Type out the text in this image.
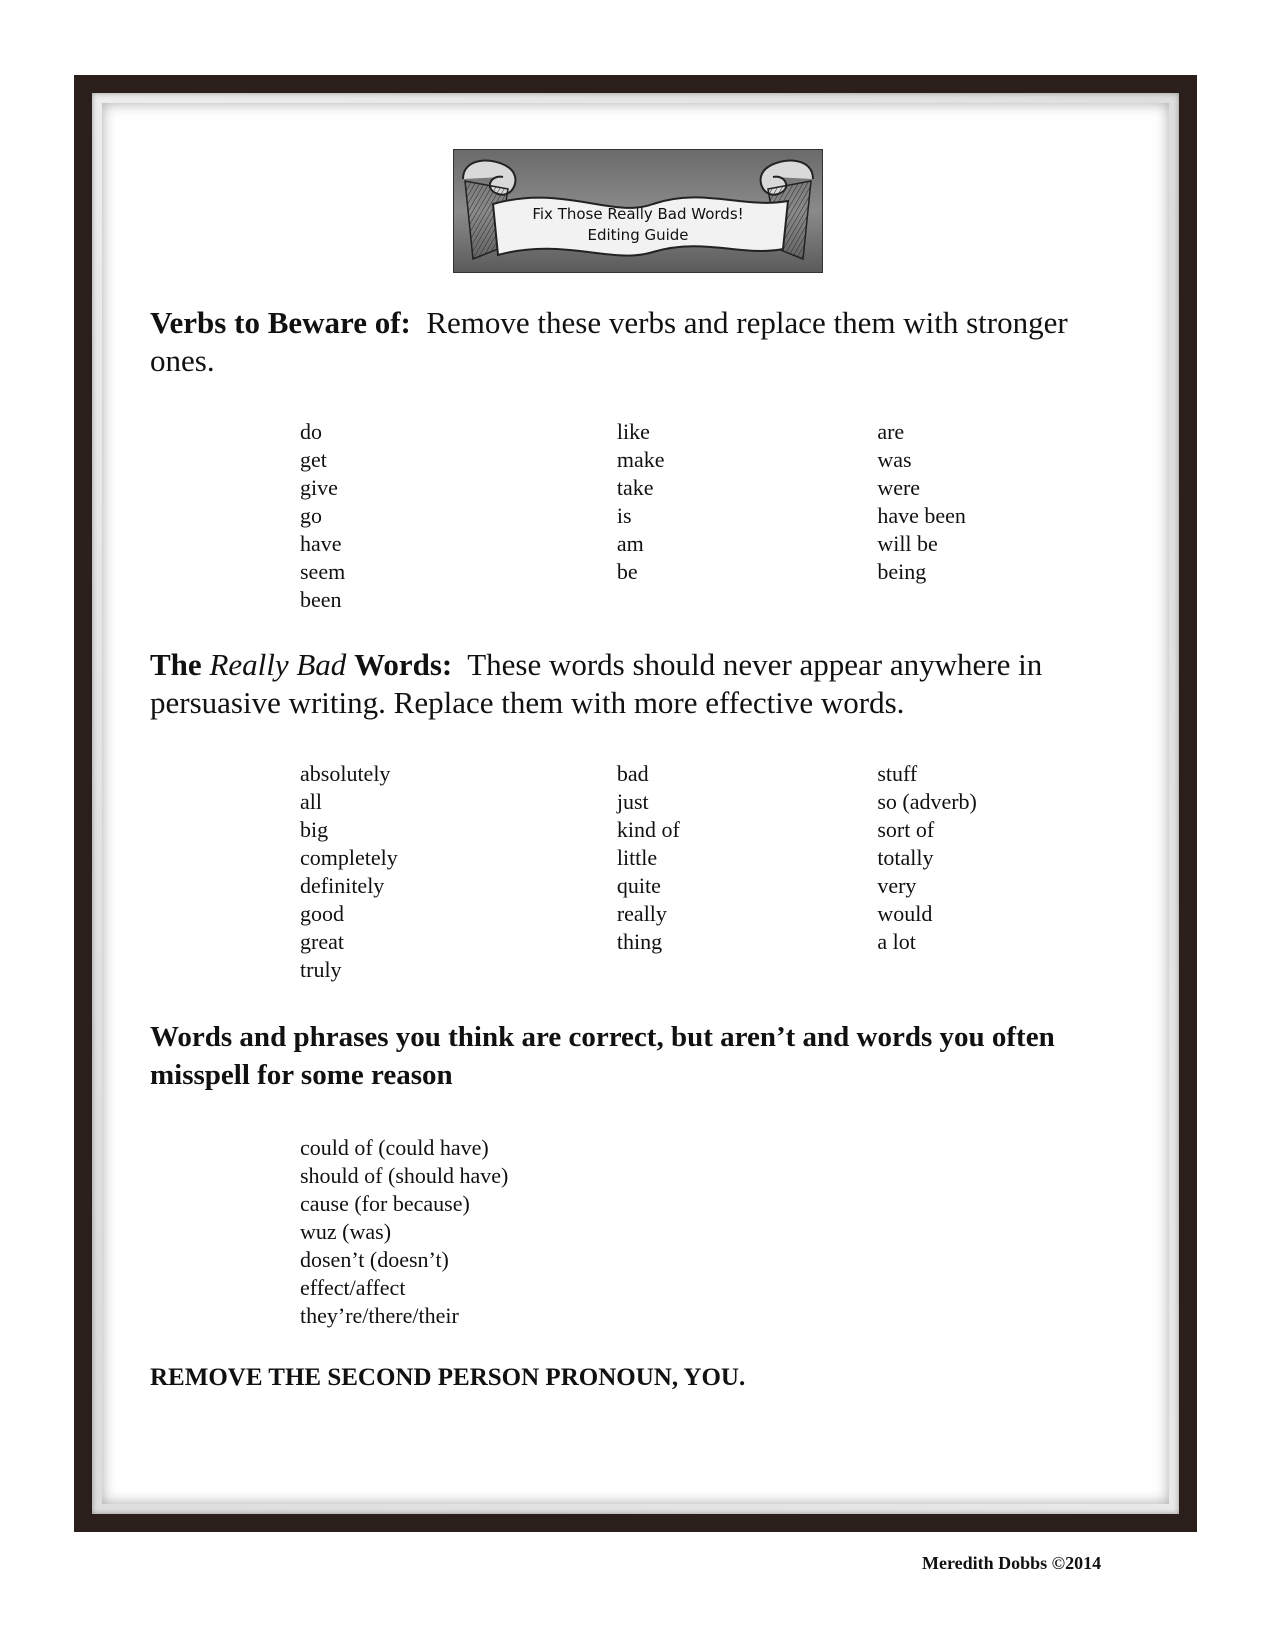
Fix Those Really Bad Words!
Editing Guide

Verbs to Beware of: Remove these verbs and replace them with stronger ones.

do
get
give
go
have
seem
been
like
make
take
is
am
be
are
was
were
have been
will be
being

The Really Bad Words: These words should never appear anywhere in persuasive writing. Replace them with more effective words.

absolutely
all
big
completely
definitely
good
great
truly
bad
just
kind of
little
quite
really
thing
stuff
so (adverb)
sort of
totally
very
would
a lot

Words and phrases you think are correct, but aren’t and words you often misspell for some reason

could of (could have)
should of (should have)
cause (for because)
wuz (was)
dosen’t (doesn’t)
effect/affect
they’re/there/their

REMOVE THE SECOND PERSON PRONOUN, YOU.

Meredith Dobbs ©2014
